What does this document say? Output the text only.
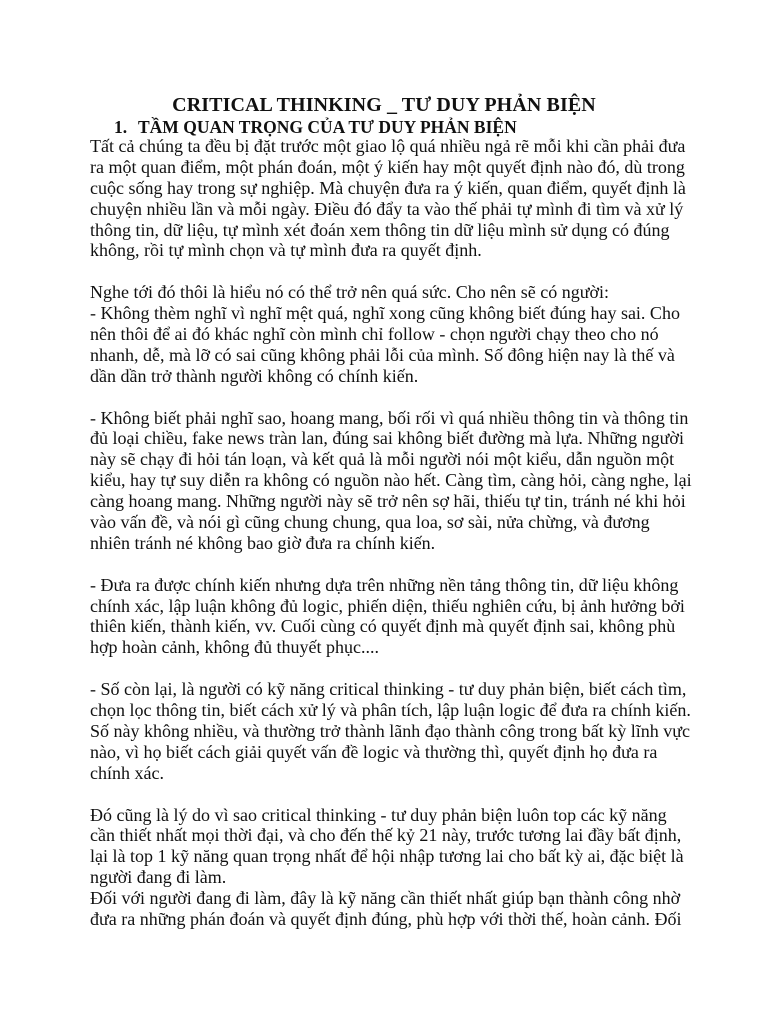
CRITICAL THINKING _ TƯ DUY PHẢN BIỆN
1. TẦM QUAN TRỌNG CỦA TƯ DUY PHẢN BIỆN
Tất cả chúng ta đều bị đặt trước một giao lộ quá nhiều ngả rẽ mỗi khi cần phải đưa
ra một quan điểm, một phán đoán, một ý kiến hay một quyết định nào đó, dù trong
cuộc sống hay trong sự nghiệp. Mà chuyện đưa ra ý kiến, quan điểm, quyết định là
chuyện nhiều lần và mỗi ngày. Điều đó đẩy ta vào thế phải tự mình đi tìm và xử lý
thông tin, dữ liệu, tự mình xét đoán xem thông tin dữ liệu mình sử dụng có đúng
không, rồi tự mình chọn và tự mình đưa ra quyết định.
Nghe tới đó thôi là hiểu nó có thể trở nên quá sức. Cho nên sẽ có người:
- Không thèm nghĩ vì nghĩ mệt quá, nghĩ xong cũng không biết đúng hay sai. Cho
nên thôi để ai đó khác nghĩ còn mình chỉ follow - chọn người chạy theo cho nó
nhanh, dễ, mà lỡ có sai cũng không phải lỗi của mình. Số đông hiện nay là thế và
dần dần trở thành người không có chính kiến.
- Không biết phải nghĩ sao, hoang mang, bối rối vì quá nhiều thông tin và thông tin
đủ loại chiều, fake news tràn lan, đúng sai không biết đường mà lựa. Những người
này sẽ chạy đi hỏi tán loạn, và kết quả là mỗi người nói một kiểu, dẫn nguồn một
kiểu, hay tự suy diễn ra không có nguồn nào hết. Càng tìm, càng hỏi, càng nghe, lại
càng hoang mang. Những người này sẽ trở nên sợ hãi, thiếu tự tin, tránh né khi hỏi
vào vấn đề, và nói gì cũng chung chung, qua loa, sơ sài, nửa chừng, và đương
nhiên tránh né không bao giờ đưa ra chính kiến.
- Đưa ra được chính kiến nhưng dựa trên những nền tảng thông tin, dữ liệu không
chính xác, lập luận không đủ logic, phiến diện, thiếu nghiên cứu, bị ảnh hưởng bởi
thiên kiến, thành kiến, vv. Cuối cùng có quyết định mà quyết định sai, không phù
hợp hoàn cảnh, không đủ thuyết phục....
- Số còn lại, là người có kỹ năng critical thinking - tư duy phản biện, biết cách tìm,
chọn lọc thông tin, biết cách xử lý và phân tích, lập luận logic để đưa ra chính kiến.
Số này không nhiều, và thường trở thành lãnh đạo thành công trong bất kỳ lĩnh vực
nào, vì họ biết cách giải quyết vấn đề logic và thường thì, quyết định họ đưa ra
chính xác.
Đó cũng là lý do vì sao critical thinking - tư duy phản biện luôn top các kỹ năng
cần thiết nhất mọi thời đại, và cho đến thế kỷ 21 này, trước tương lai đầy bất định,
lại là top 1 kỹ năng quan trọng nhất để hội nhập tương lai cho bất kỳ ai, đặc biệt là
người đang đi làm.
Đối với người đang đi làm, đây là kỹ năng cần thiết nhất giúp bạn thành công nhờ
đưa ra những phán đoán và quyết định đúng, phù hợp với thời thế, hoàn cảnh. Đối
